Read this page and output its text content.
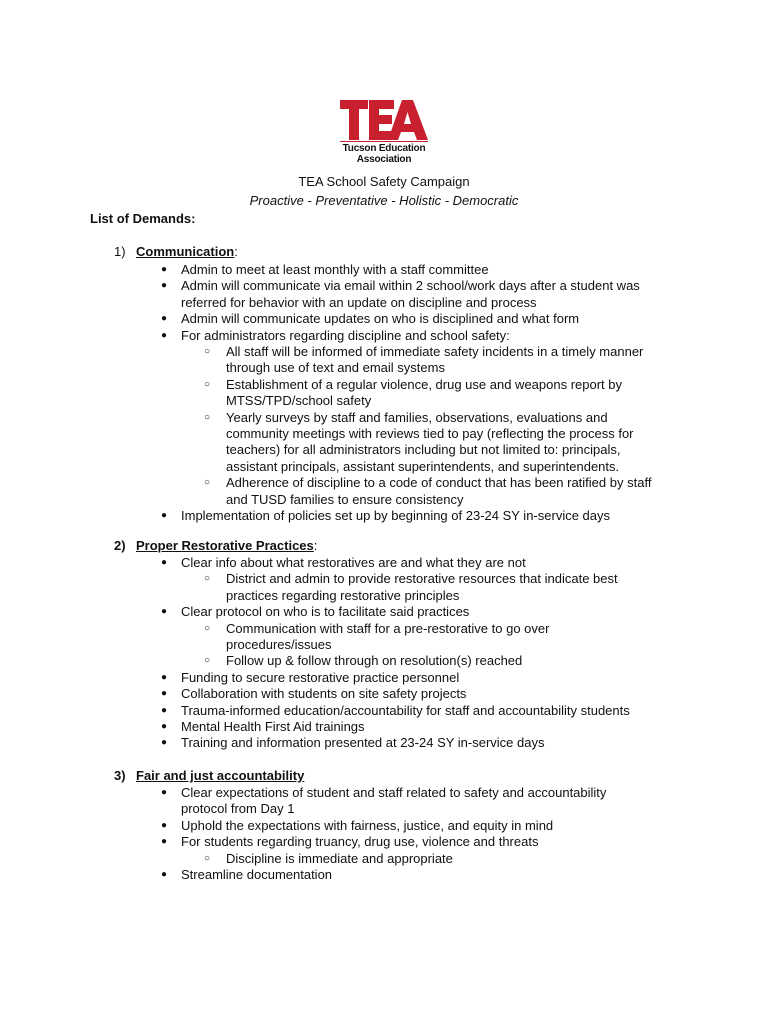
Tucson Education
Association
TEA School Safety Campaign
Proactive - Preventative - Holistic - Democratic
List of Demands:
1) Communication:
●	Admin to meet at least monthly with a staff committee
●	Admin will communicate via email within 2 school/work days after a student was
referred for behavior with an update on discipline and process
●	Admin will communicate updates on who is disciplined and what form
●	For administrators regarding discipline and school safety:
○	All staff will be informed of immediate safety incidents in a timely manner
through use of text and email systems
○	Establishment of a regular violence, drug use and weapons report by
MTSS/TPD/school safety
○	Yearly surveys by staff and families, observations, evaluations and
community meetings with reviews tied to pay (reflecting the process for
teachers) for all administrators including but not limited to: principals,
assistant principals, assistant superintendents, and superintendents.
○	Adherence of discipline to a code of conduct that has been ratified by staff
and TUSD families to ensure consistency
●	Implementation of policies set up by beginning of 23-24 SY in-service days
2) Proper Restorative Practices:
●	Clear info about what restoratives are and what they are not
○	District and admin to provide restorative resources that indicate best
practices regarding restorative principles
●	Clear protocol on who is to facilitate said practices
○	Communication with staff for a pre-restorative to go over
procedures/issues
○	Follow up & follow through on resolution(s) reached
●	Funding to secure restorative practice personnel
●	Collaboration with students on site safety projects
●	Trauma-informed education/accountability for staff and accountability students
●	Mental Health First Aid trainings
●	Training and information presented at 23-24 SY in-service days
3) Fair and just accountability
●	Clear expectations of student and staff related to safety and accountability
protocol from Day 1
●	Uphold the expectations with fairness, justice, and equity in mind
●	For students regarding truancy, drug use, violence and threats
○	Discipline is immediate and appropriate
●	Streamline documentation
